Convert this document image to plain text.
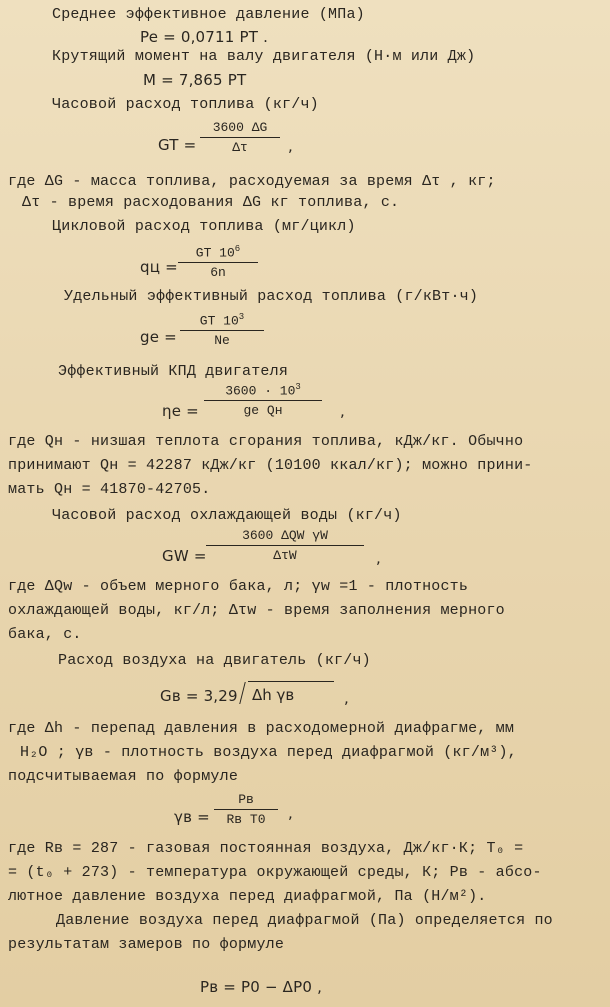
Среднее эффективное давление (МПа)
Pe = 0,0711 PT .
Крутящий момент на валу двигателя (Н·м или Дж)
M = 7,865 PT
Часовой расход топлива (кг/ч)
GT =
3600 ΔG
Δτ	,
где ΔG - масса топлива, расходуемая за время Δτ , кг;
Δτ - время расходования ΔG кг топлива, с.
Цикловой расход топлива (мг/цикл)
qц =
GT $10^6$
6n
Удельный эффективный расход топлива (г/кВт·ч)
ge =
GT $10^3$
Ne
Эффективный КПД двигателя
ηe =
$3600 \cdot 10^3$
ge Qн	,
где Qн - низшая теплота сгорания топлива, кДж/кг. Обычно
принимают Qн = 42287 кДж/кг (10100 ккал/кг); можно прини-
мать Qн = 41870-42705.
Часовой расход охлаждающей воды (кг/ч)
GW =
3600 ΔQW γW
ΔτW	,
где ΔQw - объем мерного бака, л; γw =1 - плотность
охлаждающей воды, кг/л; Δτw - время заполнения мерного
бака, с.
Расход воздуха на двигатель (кг/ч)
Gв = 3,29 Δh γв	,
где Δh - перепад давления в расходомерной диафрагме, мм
H₂O ; γв - плотность воздуха перед диафрагмой (кг/м³),
подсчитываемая по формуле
γв =
Pв
Rв T0	,
где Rв = 287 - газовая постоянная воздуха, Дж/кг·К; T₀ =
= (t₀ + 273) - температура окружающей среды, К; Pв - абсо-
лютное давление воздуха перед диафрагмой, Па (Н/м²).
Давление воздуха перед диафрагмой (Па) определяется по
результатам замеров по формуле
Pв = P0 − ΔP0 ,
